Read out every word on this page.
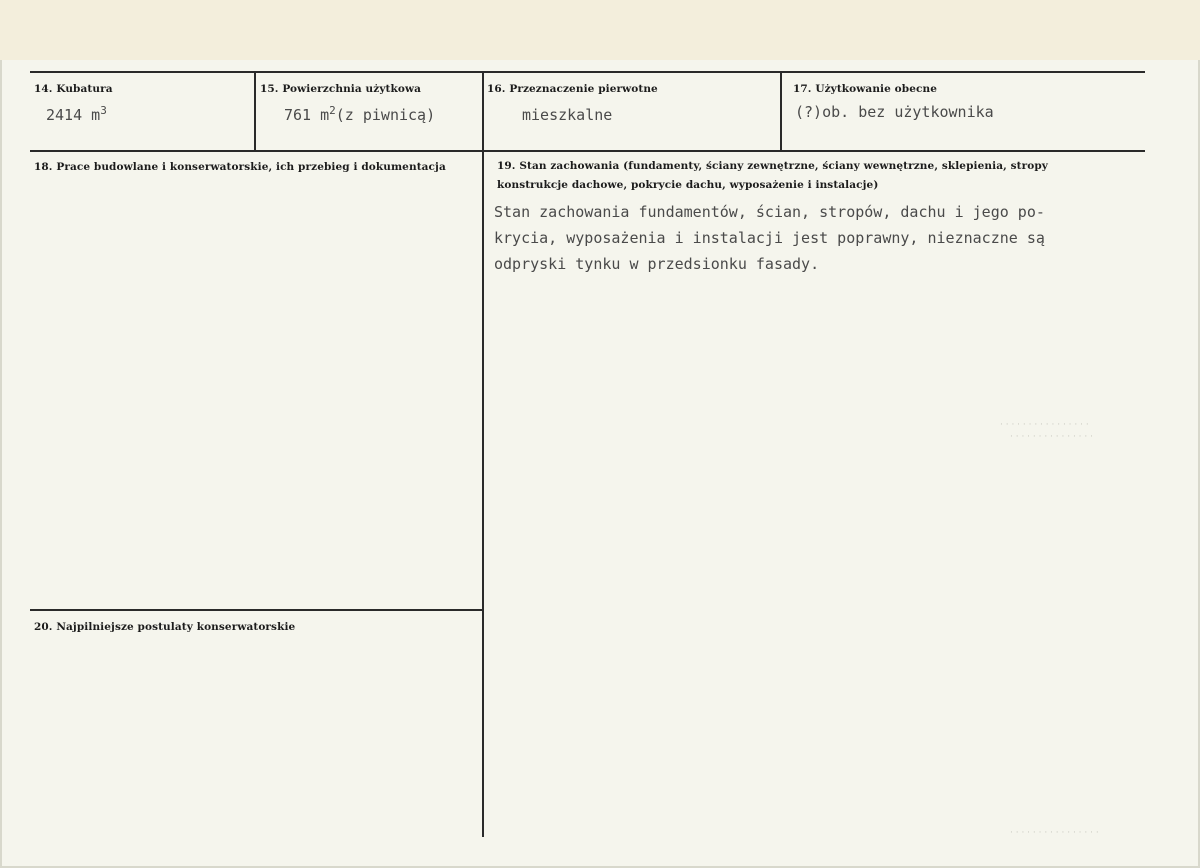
14. Kubatura
2414 $m^3$
15. Powierzchnia użytkowa
761 $m^2(z$ piwnicą)
16. Przeznaczenie pierwotne
mieszkalne
17. Użytkowanie obecne
(?)ob. bez użytkownika
18. Prace budowlane i konserwatorskie, ich przebieg i dokumentacja	19. Stan zachowania (fundamenty, ściany zewnętrzne, ściany wewnętrzne, sklepienia, stropy
konstrukcje dachowe, pokrycie dachu, wyposażenie i instalacje)
Stan zachowania fundamentów, ścian, stropów, dachu i jego po-
krycia, wyposażenia i instalacji jest poprawny, nieznaczne są
odpryski tynku w przedsionku fasady.
20. Najpilniejsze postulaty konserwatorskie
· · · · · · · · · · · · · · · ·
· · · · · · · · · · · · · · ·
· · · · · · · · · · · · · · · ·
